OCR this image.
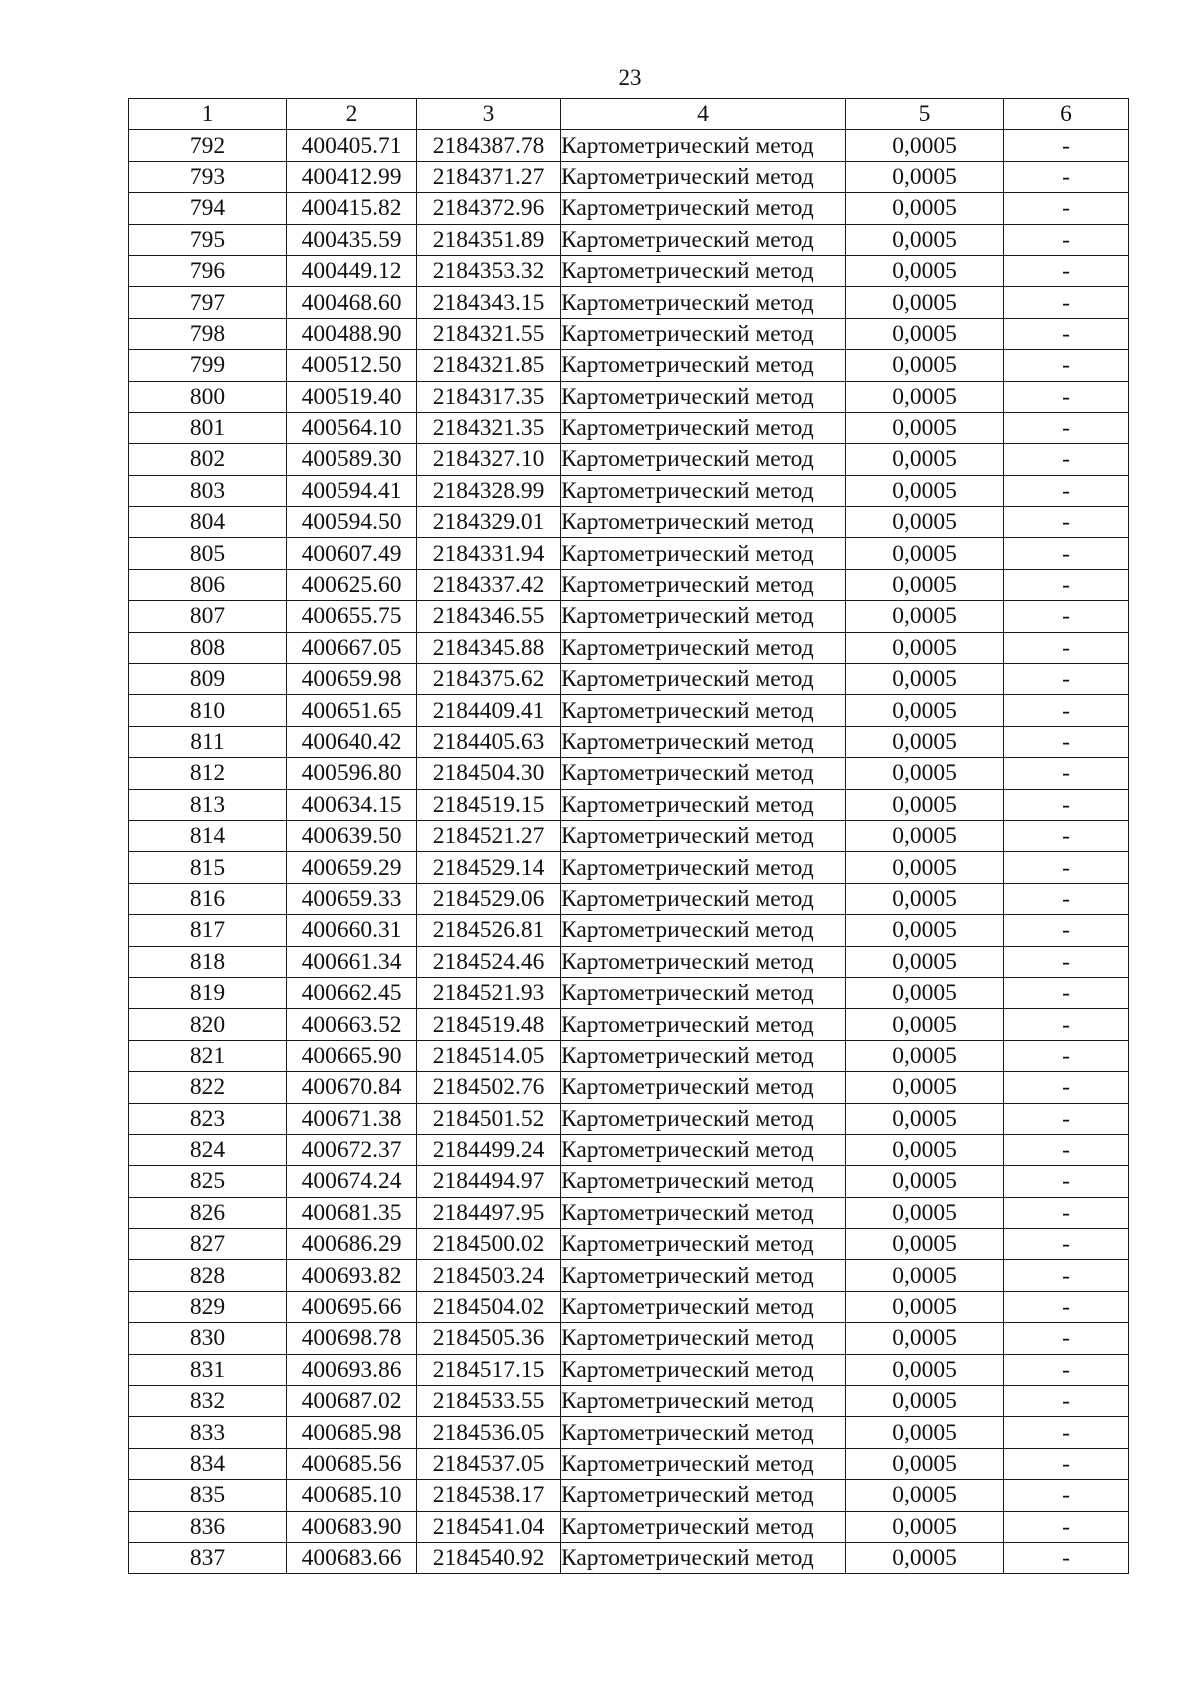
23
1	2	3	4	5	6
792	400405.71	2184387.78	Картометрический метод	0,0005	-
793	400412.99	2184371.27	Картометрический метод	0,0005	-
794	400415.82	2184372.96	Картометрический метод	0,0005	-
795	400435.59	2184351.89	Картометрический метод	0,0005	-
796	400449.12	2184353.32	Картометрический метод	0,0005	-
797	400468.60	2184343.15	Картометрический метод	0,0005	-
798	400488.90	2184321.55	Картометрический метод	0,0005	-
799	400512.50	2184321.85	Картометрический метод	0,0005	-
800	400519.40	2184317.35	Картометрический метод	0,0005	-
801	400564.10	2184321.35	Картометрический метод	0,0005	-
802	400589.30	2184327.10	Картометрический метод	0,0005	-
803	400594.41	2184328.99	Картометрический метод	0,0005	-
804	400594.50	2184329.01	Картометрический метод	0,0005	-
805	400607.49	2184331.94	Картометрический метод	0,0005	-
806	400625.60	2184337.42	Картометрический метод	0,0005	-
807	400655.75	2184346.55	Картометрический метод	0,0005	-
808	400667.05	2184345.88	Картометрический метод	0,0005	-
809	400659.98	2184375.62	Картометрический метод	0,0005	-
810	400651.65	2184409.41	Картометрический метод	0,0005	-
811	400640.42	2184405.63	Картометрический метод	0,0005	-
812	400596.80	2184504.30	Картометрический метод	0,0005	-
813	400634.15	2184519.15	Картометрический метод	0,0005	-
814	400639.50	2184521.27	Картометрический метод	0,0005	-
815	400659.29	2184529.14	Картометрический метод	0,0005	-
816	400659.33	2184529.06	Картометрический метод	0,0005	-
817	400660.31	2184526.81	Картометрический метод	0,0005	-
818	400661.34	2184524.46	Картометрический метод	0,0005	-
819	400662.45	2184521.93	Картометрический метод	0,0005	-
820	400663.52	2184519.48	Картометрический метод	0,0005	-
821	400665.90	2184514.05	Картометрический метод	0,0005	-
822	400670.84	2184502.76	Картометрический метод	0,0005	-
823	400671.38	2184501.52	Картометрический метод	0,0005	-
824	400672.37	2184499.24	Картометрический метод	0,0005	-
825	400674.24	2184494.97	Картометрический метод	0,0005	-
826	400681.35	2184497.95	Картометрический метод	0,0005	-
827	400686.29	2184500.02	Картометрический метод	0,0005	-
828	400693.82	2184503.24	Картометрический метод	0,0005	-
829	400695.66	2184504.02	Картометрический метод	0,0005	-
830	400698.78	2184505.36	Картометрический метод	0,0005	-
831	400693.86	2184517.15	Картометрический метод	0,0005	-
832	400687.02	2184533.55	Картометрический метод	0,0005	-
833	400685.98	2184536.05	Картометрический метод	0,0005	-
834	400685.56	2184537.05	Картометрический метод	0,0005	-
835	400685.10	2184538.17	Картометрический метод	0,0005	-
836	400683.90	2184541.04	Картометрический метод	0,0005	-
837	400683.66	2184540.92	Картометрический метод	0,0005	-
